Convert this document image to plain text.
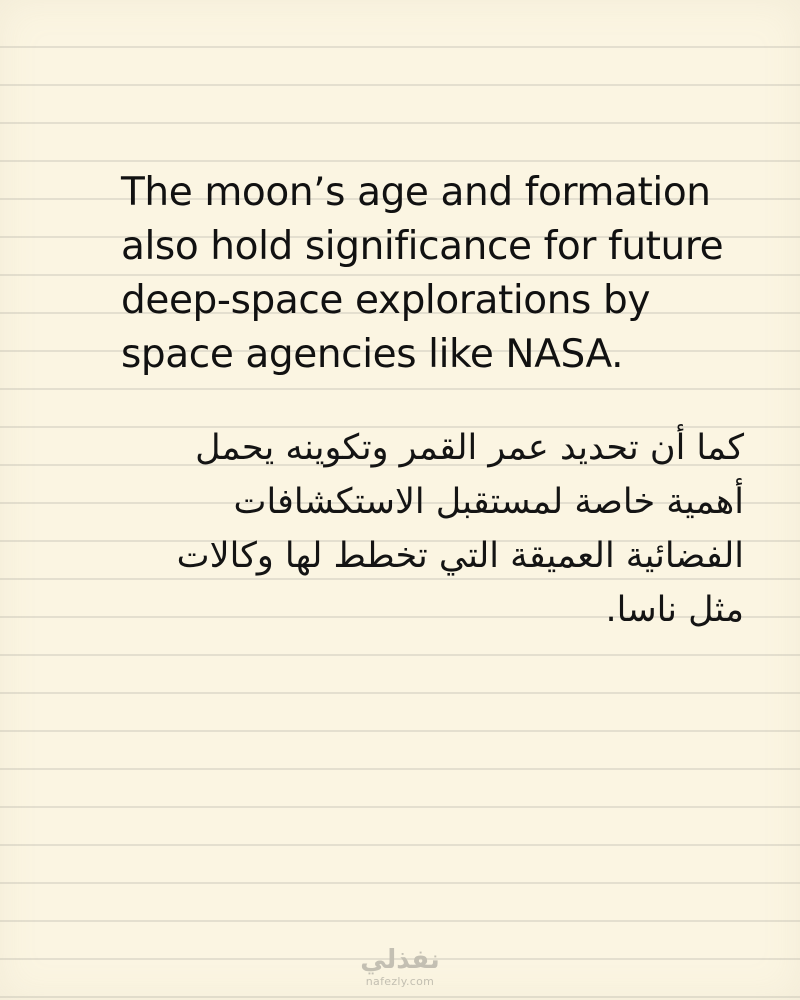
The moon’s age and formation also hold significance for future deep-space explorations by space agencies like NASA.

كما أن تحديد عمر القمر وتكوينه يحمل أهمية خاصة لمستقبل الاستكشافات الفضائية العميقة التي تخطط لها وكالات مثل ناسا.

نفذلي
nafezly.com
